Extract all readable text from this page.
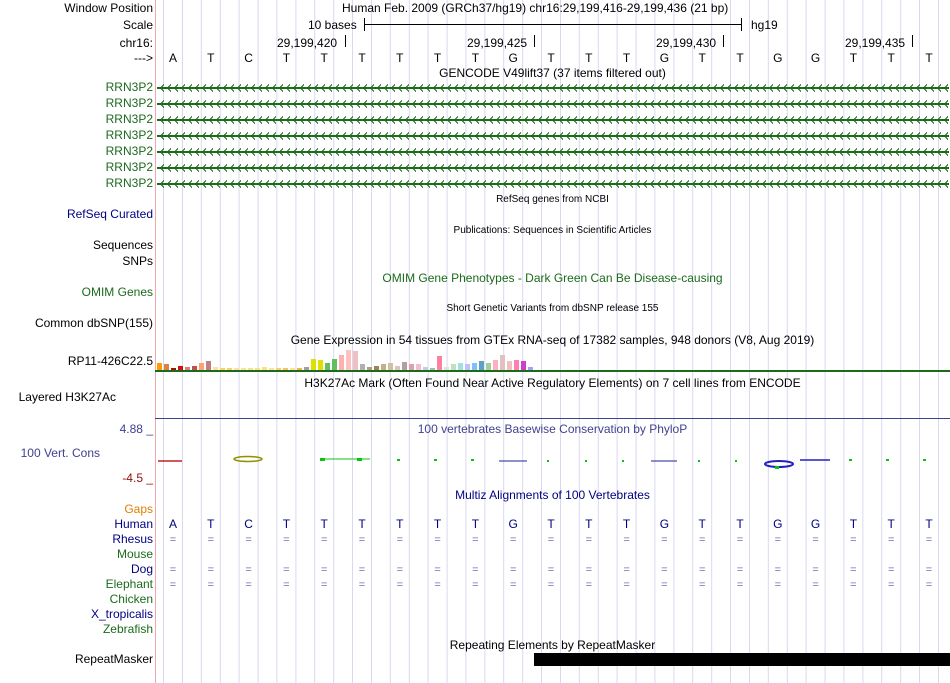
Window Position	Human Feb. 2009 (GRCh37/hg19) chr16:29,199,416-29,199,436 (21 bp)
Scale	10 bases	hg19
chr16:	29,199,420	29,199,425	29,199,430	29,199,435
--->	A	T	C	T	T	T	T	T	T	G	T	T	T	G	T	T	G	G	T	T	T
GENCODE V49lift37 (37 items filtered out)
RRN3P2
RRN3P2
RRN3P2
RRN3P2
RRN3P2
RRN3P2
RRN3P2
RefSeq Curated
RefSeq genes from NCBI
Sequences
SNPs
Publications: Sequences in Scientific Articles
OMIM Gene Phenotypes - Dark Green Can Be Disease-causing
OMIM Genes
Short Genetic Variants from dbSNP release 155
Common dbSNP(155)
Gene Expression in 54 tissues from GTEx RNA-seq of 17382 samples, 948 donors (V8, Aug 2019)
RP11-426C22.5
H3K27Ac Mark (Often Found Near Active Regulatory Elements) on 7 cell lines from ENCODE
Layered H3K27Ac
100 vertebrates Basewise Conservation by PhyloP
4.88 _
100 Vert. Cons
-4.5 _
Multiz Alignments of 100 Vertebrates
Gaps
Human	A	T	C	T	T	T	T	T	T	G	T	T	T	G	T	T	G	G	T	T	T
Rhesus	=	=	=	=	=	=	=	=	=	=	=	=	=	=	=	=	=	=	=	=	=
Mouse
Dog	=	=	=	=	=	=	=	=	=	=	=	=	=	=	=	=	=	=	=	=	=
Elephant	=	=	=	=	=	=	=	=	=	=	=	=	=	=	=	=	=	=	=	=	=
Chicken
X_tropicalis
Zebrafish
Repeating Elements by RepeatMasker
RepeatMasker
